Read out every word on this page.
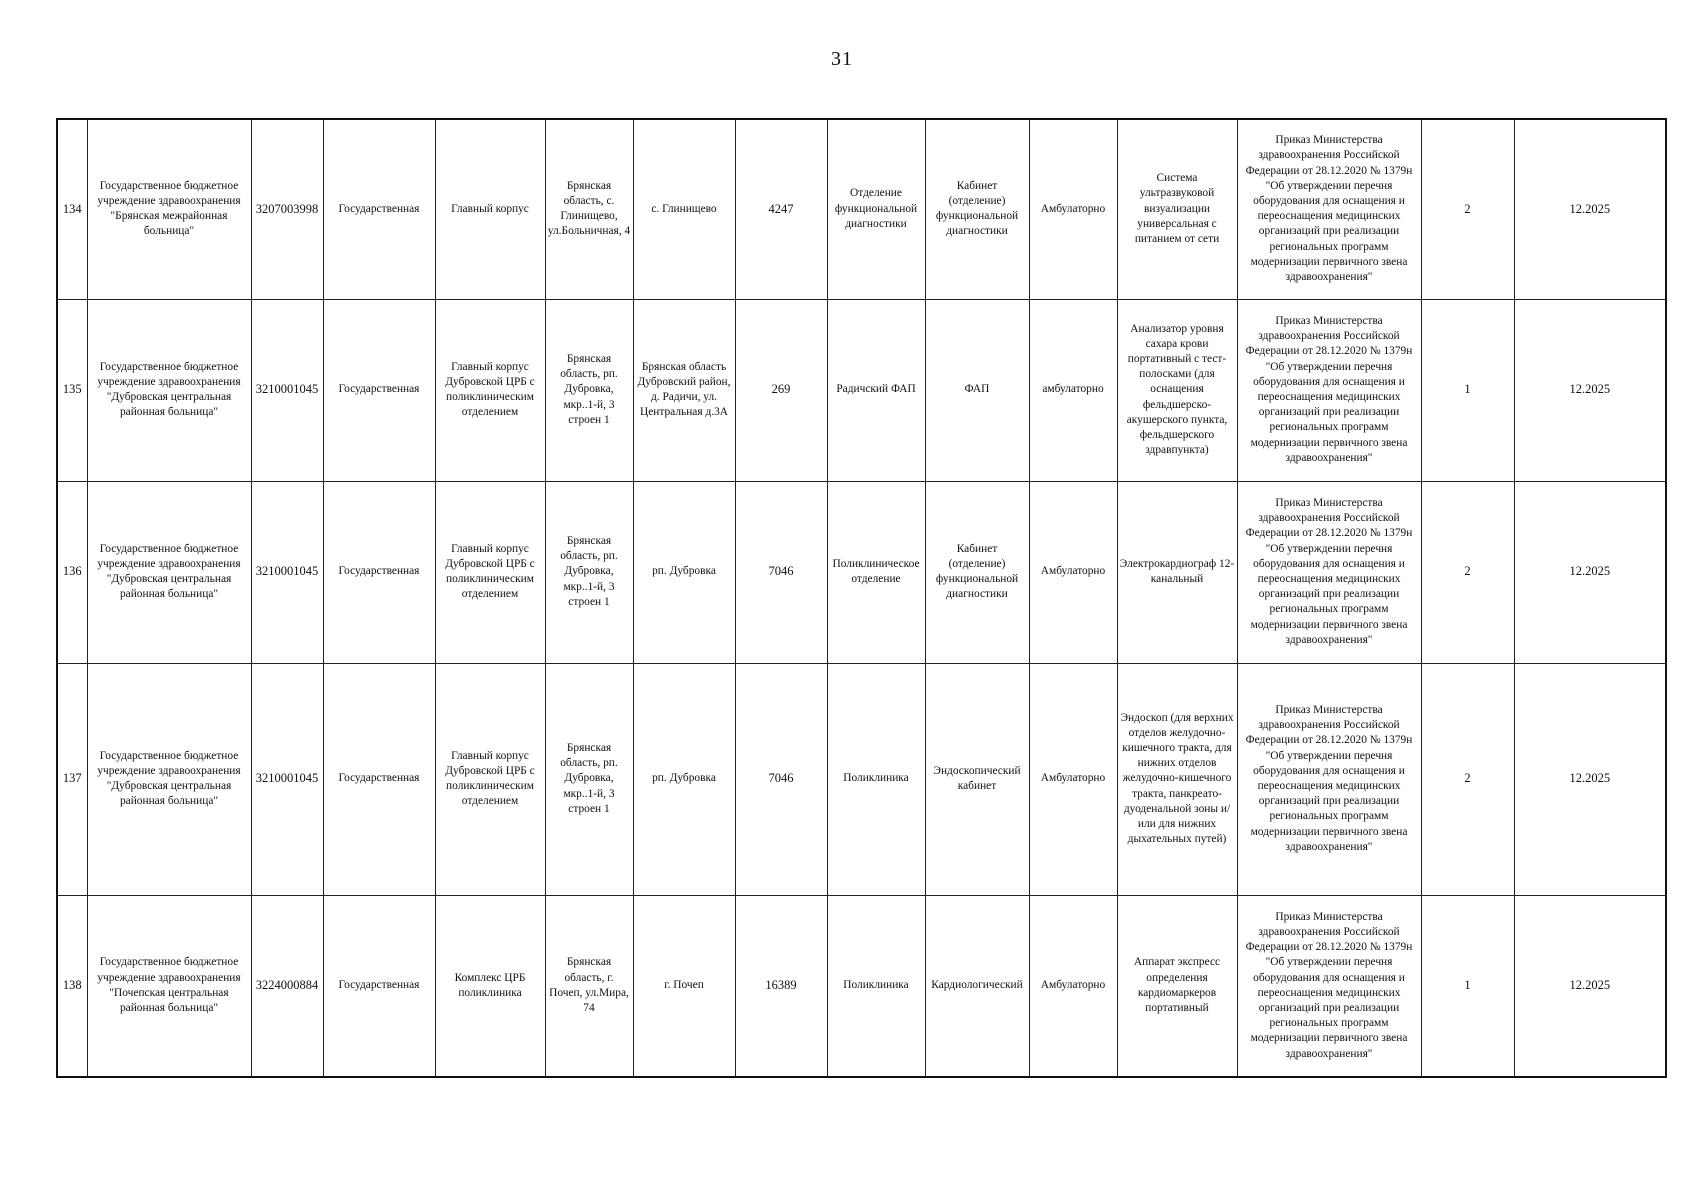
31
134	Государственное бюджетное учреждение здравоохранения "Брянская межрайонная больница"	3207003998	Государственная	Главный корпус	Брянская область, с. Глинищево, ул.Больничная, 4	с. Глинищево	4247	Отделение функциональной диагностики	Кабинет (отделение) функциональной диагностики	Амбулаторно	Система ультразвуковой визуализации универсальная с питанием от сети	Приказ Министерства здравоохранения Российской Федерации от 28.12.2020 № 1379н "Об утверждении перечня оборудования для оснащения и переоснащения медицинских организаций при реализации региональных программ модернизации первичного звена здравоохранения"	2	12.2025
135	Государственное бюджетное учреждение здравоохранения "Дубровская центральная районная больница"	3210001045	Государственная	Главный корпус Дубровской ЦРБ с поликлиническим отделением	Брянская область, рп. Дубровка, мкр..1-й, 3 строен 1	Брянская область Дубровский район, д. Радичи, ул. Центральная д.3А	269	Радичский ФАП	ФАП	амбулаторно	Анализатор уровня сахара крови портативный с тест-полосками (для оснащения фельдшерско-акушерского пункта, фельдшерского здравпункта)	Приказ Министерства здравоохранения Российской Федерации от 28.12.2020 № 1379н "Об утверждении перечня оборудования для оснащения и переоснащения медицинских организаций при реализации региональных программ модернизации первичного звена здравоохранения"	1	12.2025
136	Государственное бюджетное учреждение здравоохранения "Дубровская центральная районная больница"	3210001045	Государственная	Главный корпус Дубровской ЦРБ с поликлиническим отделением	Брянская область, рп. Дубровка, мкр..1-й, 3 строен 1	рп. Дубровка	7046	Поликлиническое отделение	Кабинет (отделение) функциональной диагностики	Амбулаторно	Электрокардиограф 12-канальный	Приказ Министерства здравоохранения Российской Федерации от 28.12.2020 № 1379н "Об утверждении перечня оборудования для оснащения и переоснащения медицинских организаций при реализации региональных программ модернизации первичного звена здравоохранения"	2	12.2025
137	Государственное бюджетное учреждение здравоохранения "Дубровская центральная районная больница"	3210001045	Государственная	Главный корпус Дубровской ЦРБ с поликлиническим отделением	Брянская область, рп. Дубровка, мкр..1-й, 3 строен 1	рп. Дубровка	7046	Поликлиника	Эндоскопический кабинет	Амбулаторно	Эндоскоп (для верхних отделов желудочно-кишечного тракта, для нижних отделов желудочно-кишечного тракта, панкреато-дуоденальной зоны и/или для нижних дыхательных путей)	Приказ Министерства здравоохранения Российской Федерации от 28.12.2020 № 1379н "Об утверждении перечня оборудования для оснащения и переоснащения медицинских организаций при реализации региональных программ модернизации первичного звена здравоохранения"	2	12.2025
138	Государственное бюджетное учреждение здравоохранения "Почепская центральная районная больница"	3224000884	Государственная	Комплекс ЦРБ поликлиника	Брянская область, г. Почеп, ул.Мира, 74	г. Почеп	16389	Поликлиника	Кардиологический	Амбулаторно	Аппарат экспресс определения кардиомаркеров портативный	Приказ Министерства здравоохранения Российской Федерации от 28.12.2020 № 1379н "Об утверждении перечня оборудования для оснащения и переоснащения медицинских организаций при реализации региональных программ модернизации первичного звена здравоохранения"	1	12.2025
